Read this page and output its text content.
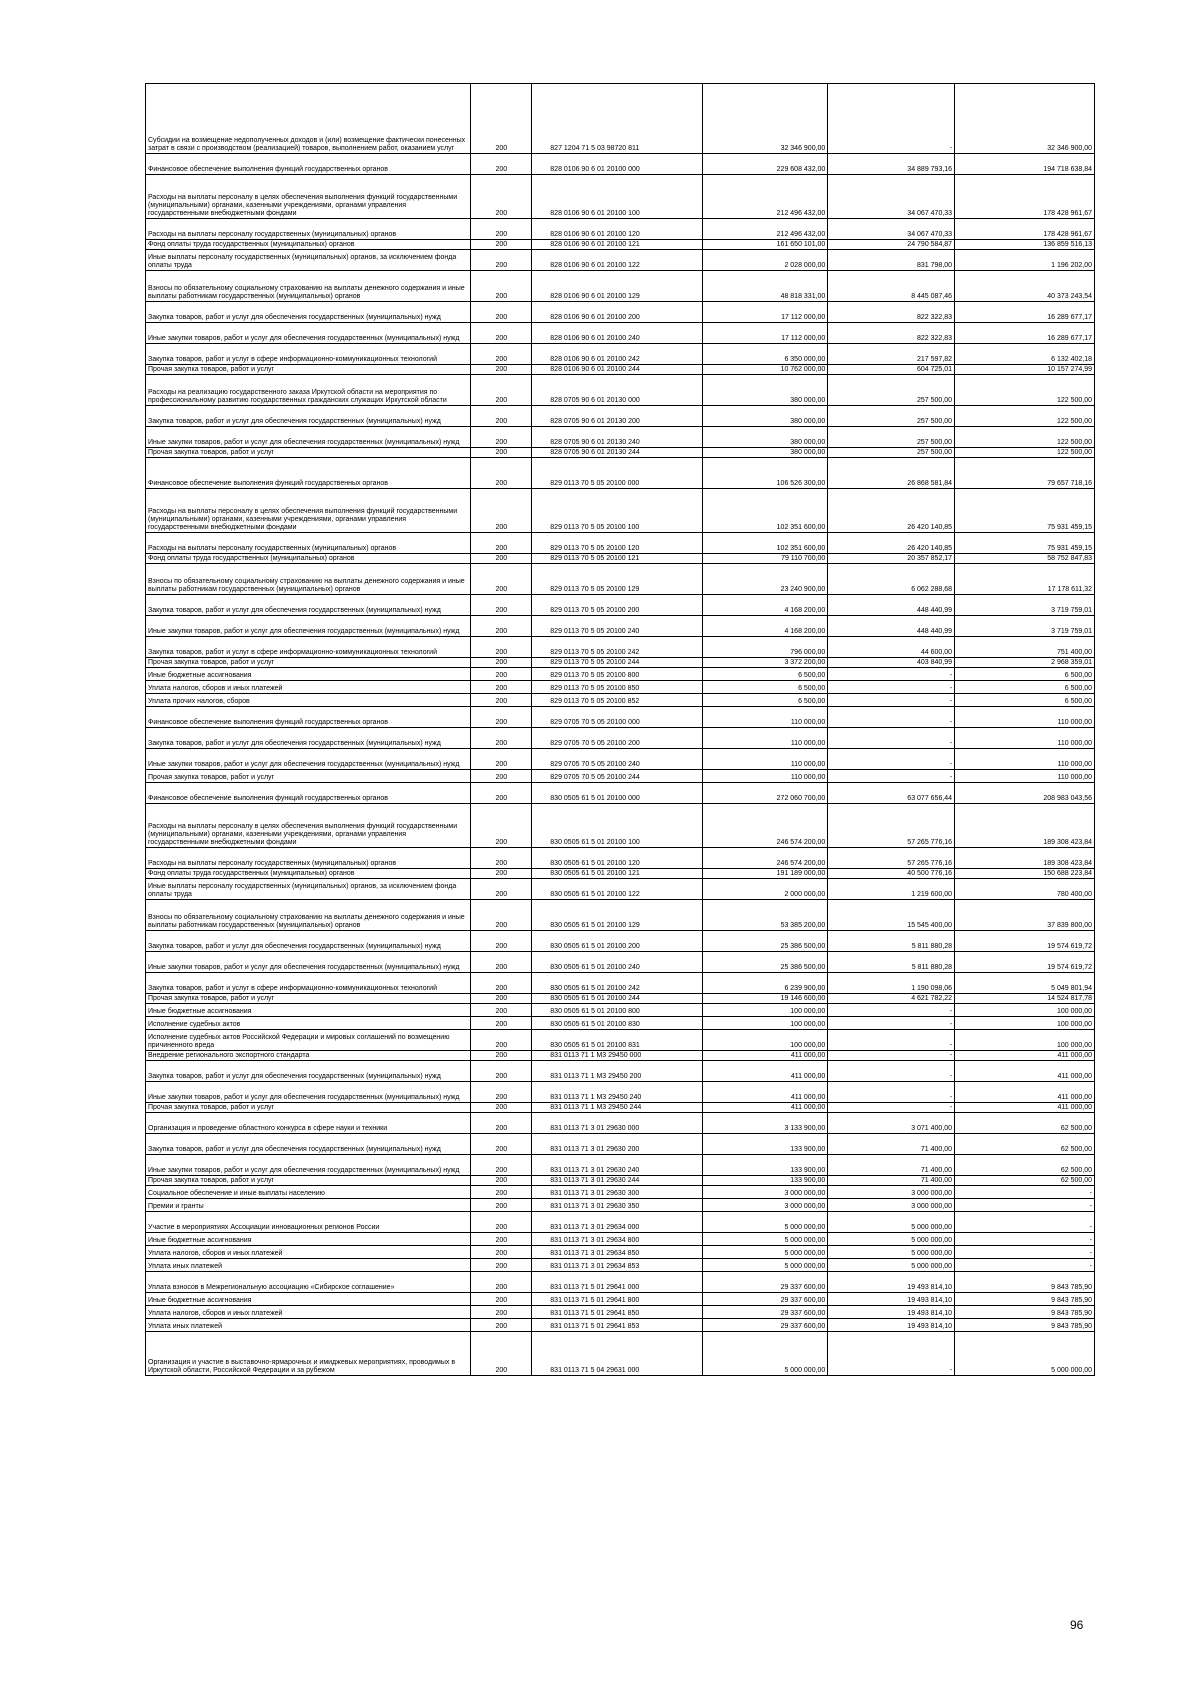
Субсидии на возмещение недополученных доходов и (или) возмещение фактически понесенных затрат в связи с производством (реализацией) товаров, выполнением работ, оказанием услуг	200	827 1204 71 5 03 98720 811	32 346 900,00	-	32 346 900,00
Финансовое обеспечение выполнения функций государственных органов	200	828 0106 90 6 01 20100 000	229 608 432,00	34 889 793,16	194 718 638,84
Расходы на выплаты персоналу в целях обеспечения выполнения функций государственными (муниципальными) органами, казенными учреждениями, органами управления государственными внебюджетными фондами	200	828 0106 90 6 01 20100 100	212 496 432,00	34 067 470,33	178 428 961,67
Расходы на выплаты персоналу государственных (муниципальных) органов	200	828 0106 90 6 01 20100 120	212 496 432,00	34 067 470,33	178 428 961,67
Фонд оплаты труда государственных (муниципальных) органов	200	828 0106 90 6 01 20100 121	161 650 101,00	24 790 584,87	136 859 516,13
Иные выплаты персоналу государственных (муниципальных) органов, за исключением фонда оплаты труда	200	828 0106 90 6 01 20100 122	2 028 000,00	831 798,00	1 196 202,00
Взносы по обязательному социальному страхованию на выплаты денежного содержания и иные выплаты работникам государственных (муниципальных) органов	200	828 0106 90 6 01 20100 129	48 818 331,00	8 445 087,46	40 373 243,54
Закупка товаров, работ и услуг для обеспечения государственных (муниципальных) нужд	200	828 0106 90 6 01 20100 200	17 112 000,00	822 322,83	16 289 677,17
Иные закупки товаров, работ и услуг для обеспечения государственных (муниципальных) нужд	200	828 0106 90 6 01 20100 240	17 112 000,00	822 322,83	16 289 677,17
Закупка товаров, работ и услуг в сфере информационно-коммуникационных технологий	200	828 0106 90 6 01 20100 242	6 350 000,00	217 597,82	6 132 402,18
Прочая закупка товаров, работ и услуг	200	828 0106 90 6 01 20100 244	10 762 000,00	604 725,01	10 157 274,99
Расходы на реализацию государственного заказа Иркутской области на мероприятия по профессиональному развитию государственных гражданских служащих Иркутской области	200	828 0705 90 6 01 20130 000	380 000,00	257 500,00	122 500,00
Закупка товаров, работ и услуг для обеспечения государственных (муниципальных) нужд	200	828 0705 90 6 01 20130 200	380 000,00	257 500,00	122 500,00
Иные закупки товаров, работ и услуг для обеспечения государственных (муниципальных) нужд	200	828 0705 90 6 01 20130 240	380 000,00	257 500,00	122 500,00
Прочая закупка товаров, работ и услуг	200	828 0705 90 6 01 20130 244	380 000,00	257 500,00	122 500,00
Финансовое обеспечение выполнения функций государственных органов	200	829 0113 70 5 05 20100 000	106 526 300,00	26 868 581,84	79 657 718,16
Расходы на выплаты персоналу в целях обеспечения выполнения функций государственными (муниципальными) органами, казенными учреждениями, органами управления государственными внебюджетными фондами	200	829 0113 70 5 05 20100 100	102 351 600,00	26 420 140,85	75 931 459,15
Расходы на выплаты персоналу государственных (муниципальных) органов	200	829 0113 70 5 05 20100 120	102 351 600,00	26 420 140,85	75 931 459,15
Фонд оплаты труда государственных (муниципальных) органов	200	829 0113 70 5 05 20100 121	79 110 700,00	20 357 852,17	58 752 847,83
Взносы по обязательному социальному страхованию на выплаты денежного содержания и иные выплаты работникам государственных (муниципальных) органов	200	829 0113 70 5 05 20100 129	23 240 900,00	6 062 288,68	17 178 611,32
Закупка товаров, работ и услуг для обеспечения государственных (муниципальных) нужд	200	829 0113 70 5 05 20100 200	4 168 200,00	448 440,99	3 719 759,01
Иные закупки товаров, работ и услуг для обеспечения государственных (муниципальных) нужд	200	829 0113 70 5 05 20100 240	4 168 200,00	448 440,99	3 719 759,01
Закупка товаров, работ и услуг в сфере информационно-коммуникационных технологий	200	829 0113 70 5 05 20100 242	796 000,00	44 600,00	751 400,00
Прочая закупка товаров, работ и услуг	200	829 0113 70 5 05 20100 244	3 372 200,00	403 840,99	2 968 359,01
Иные бюджетные ассигнования	200	829 0113 70 5 05 20100 800	6 500,00	-	6 500,00
Уплата налогов, сборов и иных платежей	200	829 0113 70 5 05 20100 850	6 500,00	-	6 500,00
Уплата прочих налогов, сборов	200	829 0113 70 5 05 20100 852	6 500,00	-	6 500,00
Финансовое обеспечение выполнения функций государственных органов	200	829 0705 70 5 05 20100 000	110 000,00	-	110 000,00
Закупка товаров, работ и услуг для обеспечения государственных (муниципальных) нужд	200	829 0705 70 5 05 20100 200	110 000,00	-	110 000,00
Иные закупки товаров, работ и услуг для обеспечения государственных (муниципальных) нужд	200	829 0705 70 5 05 20100 240	110 000,00	-	110 000,00
Прочая закупка товаров, работ и услуг	200	829 0705 70 5 05 20100 244	110 000,00	-	110 000,00
Финансовое обеспечение выполнения функций государственных органов	200	830 0505 61 5 01 20100 000	272 060 700,00	63 077 656,44	208 983 043,56
Расходы на выплаты персоналу в целях обеспечения выполнения функций государственными (муниципальными) органами, казенными учреждениями, органами управления государственными внебюджетными фондами	200	830 0505 61 5 01 20100 100	246 574 200,00	57 265 776,16	189 308 423,84
Расходы на выплаты персоналу государственных (муниципальных) органов	200	830 0505 61 5 01 20100 120	246 574 200,00	57 265 776,16	189 308 423,84
Фонд оплаты труда государственных (муниципальных) органов	200	830 0505 61 5 01 20100 121	191 189 000,00	40 500 776,16	150 688 223,84
Иные выплаты персоналу государственных (муниципальных) органов, за исключением фонда оплаты труда	200	830 0505 61 5 01 20100 122	2 000 000,00	1 219 600,00	780 400,00
Взносы по обязательному социальному страхованию на выплаты денежного содержания и иные выплаты работникам государственных (муниципальных) органов	200	830 0505 61 5 01 20100 129	53 385 200,00	15 545 400,00	37 839 800,00
Закупка товаров, работ и услуг для обеспечения государственных (муниципальных) нужд	200	830 0505 61 5 01 20100 200	25 386 500,00	5 811 880,28	19 574 619,72
Иные закупки товаров, работ и услуг для обеспечения государственных (муниципальных) нужд	200	830 0505 61 5 01 20100 240	25 386 500,00	5 811 880,28	19 574 619,72
Закупка товаров, работ и услуг в сфере информационно-коммуникационных технологий	200	830 0505 61 5 01 20100 242	6 239 900,00	1 190 098,06	5 049 801,94
Прочая закупка товаров, работ и услуг	200	830 0505 61 5 01 20100 244	19 146 600,00	4 621 782,22	14 524 817,78
Иные бюджетные ассигнования	200	830 0505 61 5 01 20100 800	100 000,00	-	100 000,00
Исполнение судебных актов	200	830 0505 61 5 01 20100 830	100 000,00	-	100 000,00
Исполнение судебных актов Российской Федерации и мировых соглашений по возмещению причиненного вреда	200	830 0505 61 5 01 20100 831	100 000,00	-	100 000,00
Внедрение регионального экспортного стандарта	200	831 0113 71 1 M3 29450 000	411 000,00	-	411 000,00
Закупка товаров, работ и услуг для обеспечения государственных (муниципальных) нужд	200	831 0113 71 1 M3 29450 200	411 000,00	-	411 000,00
Иные закупки товаров, работ и услуг для обеспечения государственных (муниципальных) нужд	200	831 0113 71 1 M3 29450 240	411 000,00	-	411 000,00
Прочая закупка товаров, работ и услуг	200	831 0113 71 1 M3 29450 244	411 000,00	-	411 000,00
Организация и проведение областного конкурса в сфере науки и техники	200	831 0113 71 3 01 29630 000	3 133 900,00	3 071 400,00	62 500,00
Закупка товаров, работ и услуг для обеспечения государственных (муниципальных) нужд	200	831 0113 71 3 01 29630 200	133 900,00	71 400,00	62 500,00
Иные закупки товаров, работ и услуг для обеспечения государственных (муниципальных) нужд	200	831 0113 71 3 01 29630 240	133 900,00	71 400,00	62 500,00
Прочая закупка товаров, работ и услуг	200	831 0113 71 3 01 29630 244	133 900,00	71 400,00	62 500,00
Социальное обеспечение и иные выплаты населению	200	831 0113 71 3 01 29630 300	3 000 000,00	3 000 000,00	-
Премии и гранты	200	831 0113 71 3 01 29630 350	3 000 000,00	3 000 000,00	-
Участие в мероприятиях Ассоциации инновационных регионов России	200	831 0113 71 3 01 29634 000	5 000 000,00	5 000 000,00	-
Иные бюджетные ассигнования	200	831 0113 71 3 01 29634 800	5 000 000,00	5 000 000,00	-
Уплата налогов, сборов и иных платежей	200	831 0113 71 3 01 29634 850	5 000 000,00	5 000 000,00	-
Уплата иных платежей	200	831 0113 71 3 01 29634 853	5 000 000,00	5 000 000,00	-
Уплата взносов в Межрегиональную ассоциацию «Сибирское соглашение»	200	831 0113 71 5 01 29641 000	29 337 600,00	19 493 814,10	9 843 785,90
Иные бюджетные ассигнования	200	831 0113 71 5 01 29641 800	29 337 600,00	19 493 814,10	9 843 785,90
Уплата налогов, сборов и иных платежей	200	831 0113 71 5 01 29641 850	29 337 600,00	19 493 814,10	9 843 785,90
Уплата иных платежей	200	831 0113 71 5 01 29641 853	29 337 600,00	19 493 814,10	9 843 785,90
Организация и участие в выставочно-ярмарочных и имиджевых мероприятиях, проводимых в Иркутской области, Российской Федерации и за рубежом	200	831 0113 71 5 04 29631 000	5 000 000,00	-	5 000 000,00
96
